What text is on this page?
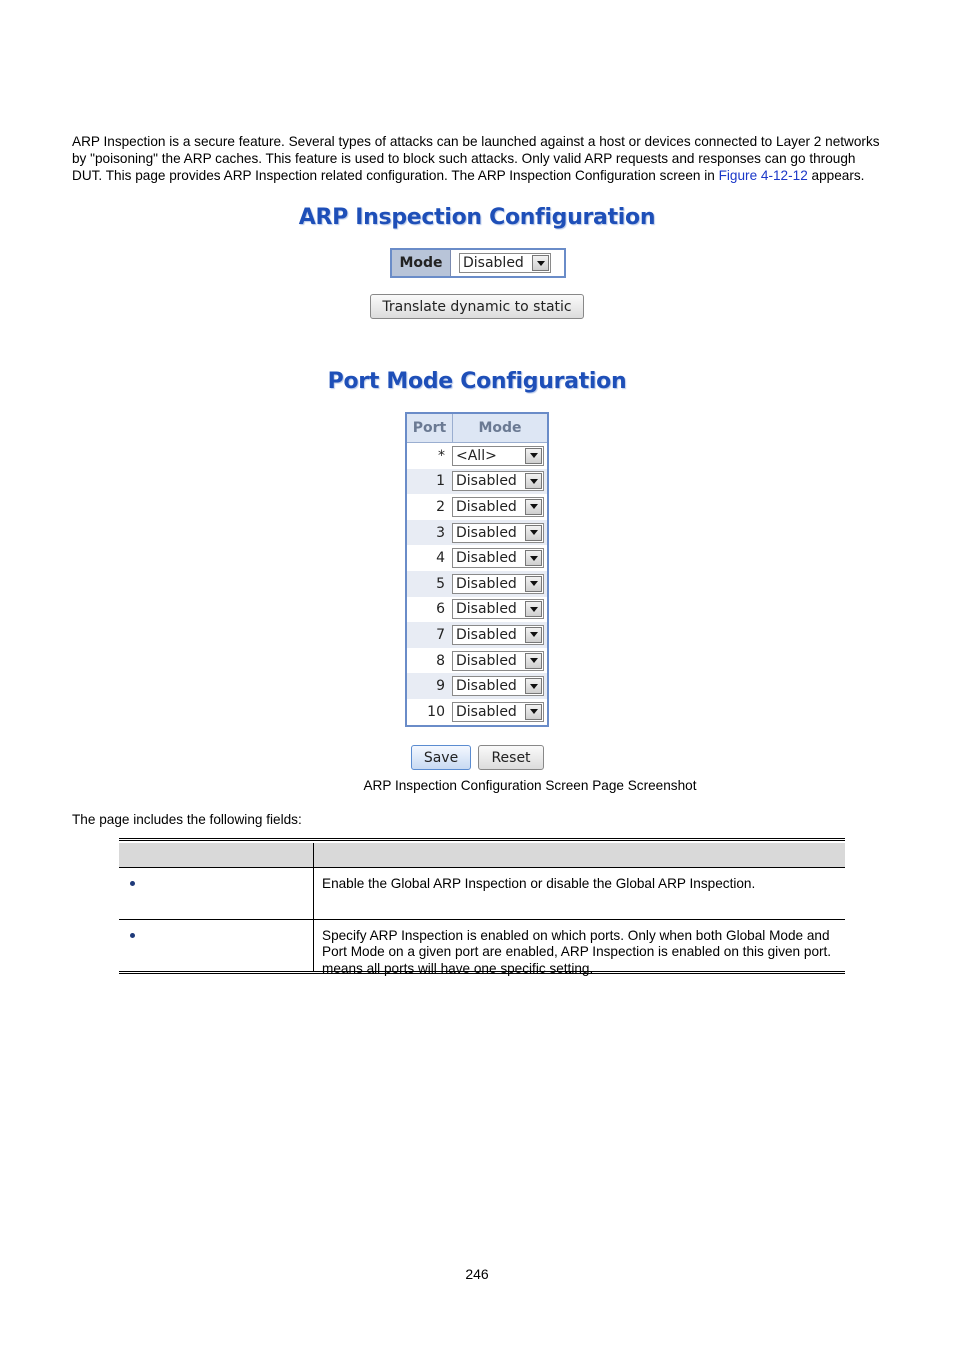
ARP Inspection is a secure feature. Several types of attacks can be launched against a host or devices connected to Layer 2 networks by "poisoning" the ARP caches. This feature is used to block such attacks. Only valid ARP requests and responses can go through DUT. This page provides ARP Inspection related configuration. The ARP Inspection Configuration screen in Figure 4-12-12 appears.
ARP Inspection Configuration
Mode	Disabled
Translate dynamic to static
Port Mode Configuration
Port	Mode
* <All>
1 Disabled
2 Disabled
3 Disabled
4 Disabled
5 Disabled
6 Disabled
7 Disabled
8 Disabled
9 Disabled
10 Disabled
Save	Reset
ARP Inspection Configuration Screen Page Screenshot
The page includes the following fields:
Enable the Global ARP Inspection or disable the Global ARP Inspection.
Specify ARP Inspection is enabled on which ports. Only when both Global Mode and Port Mode on a given port are enabled, ARP Inspection is enabled on this given port.      means all ports will have one specific setting.
246
